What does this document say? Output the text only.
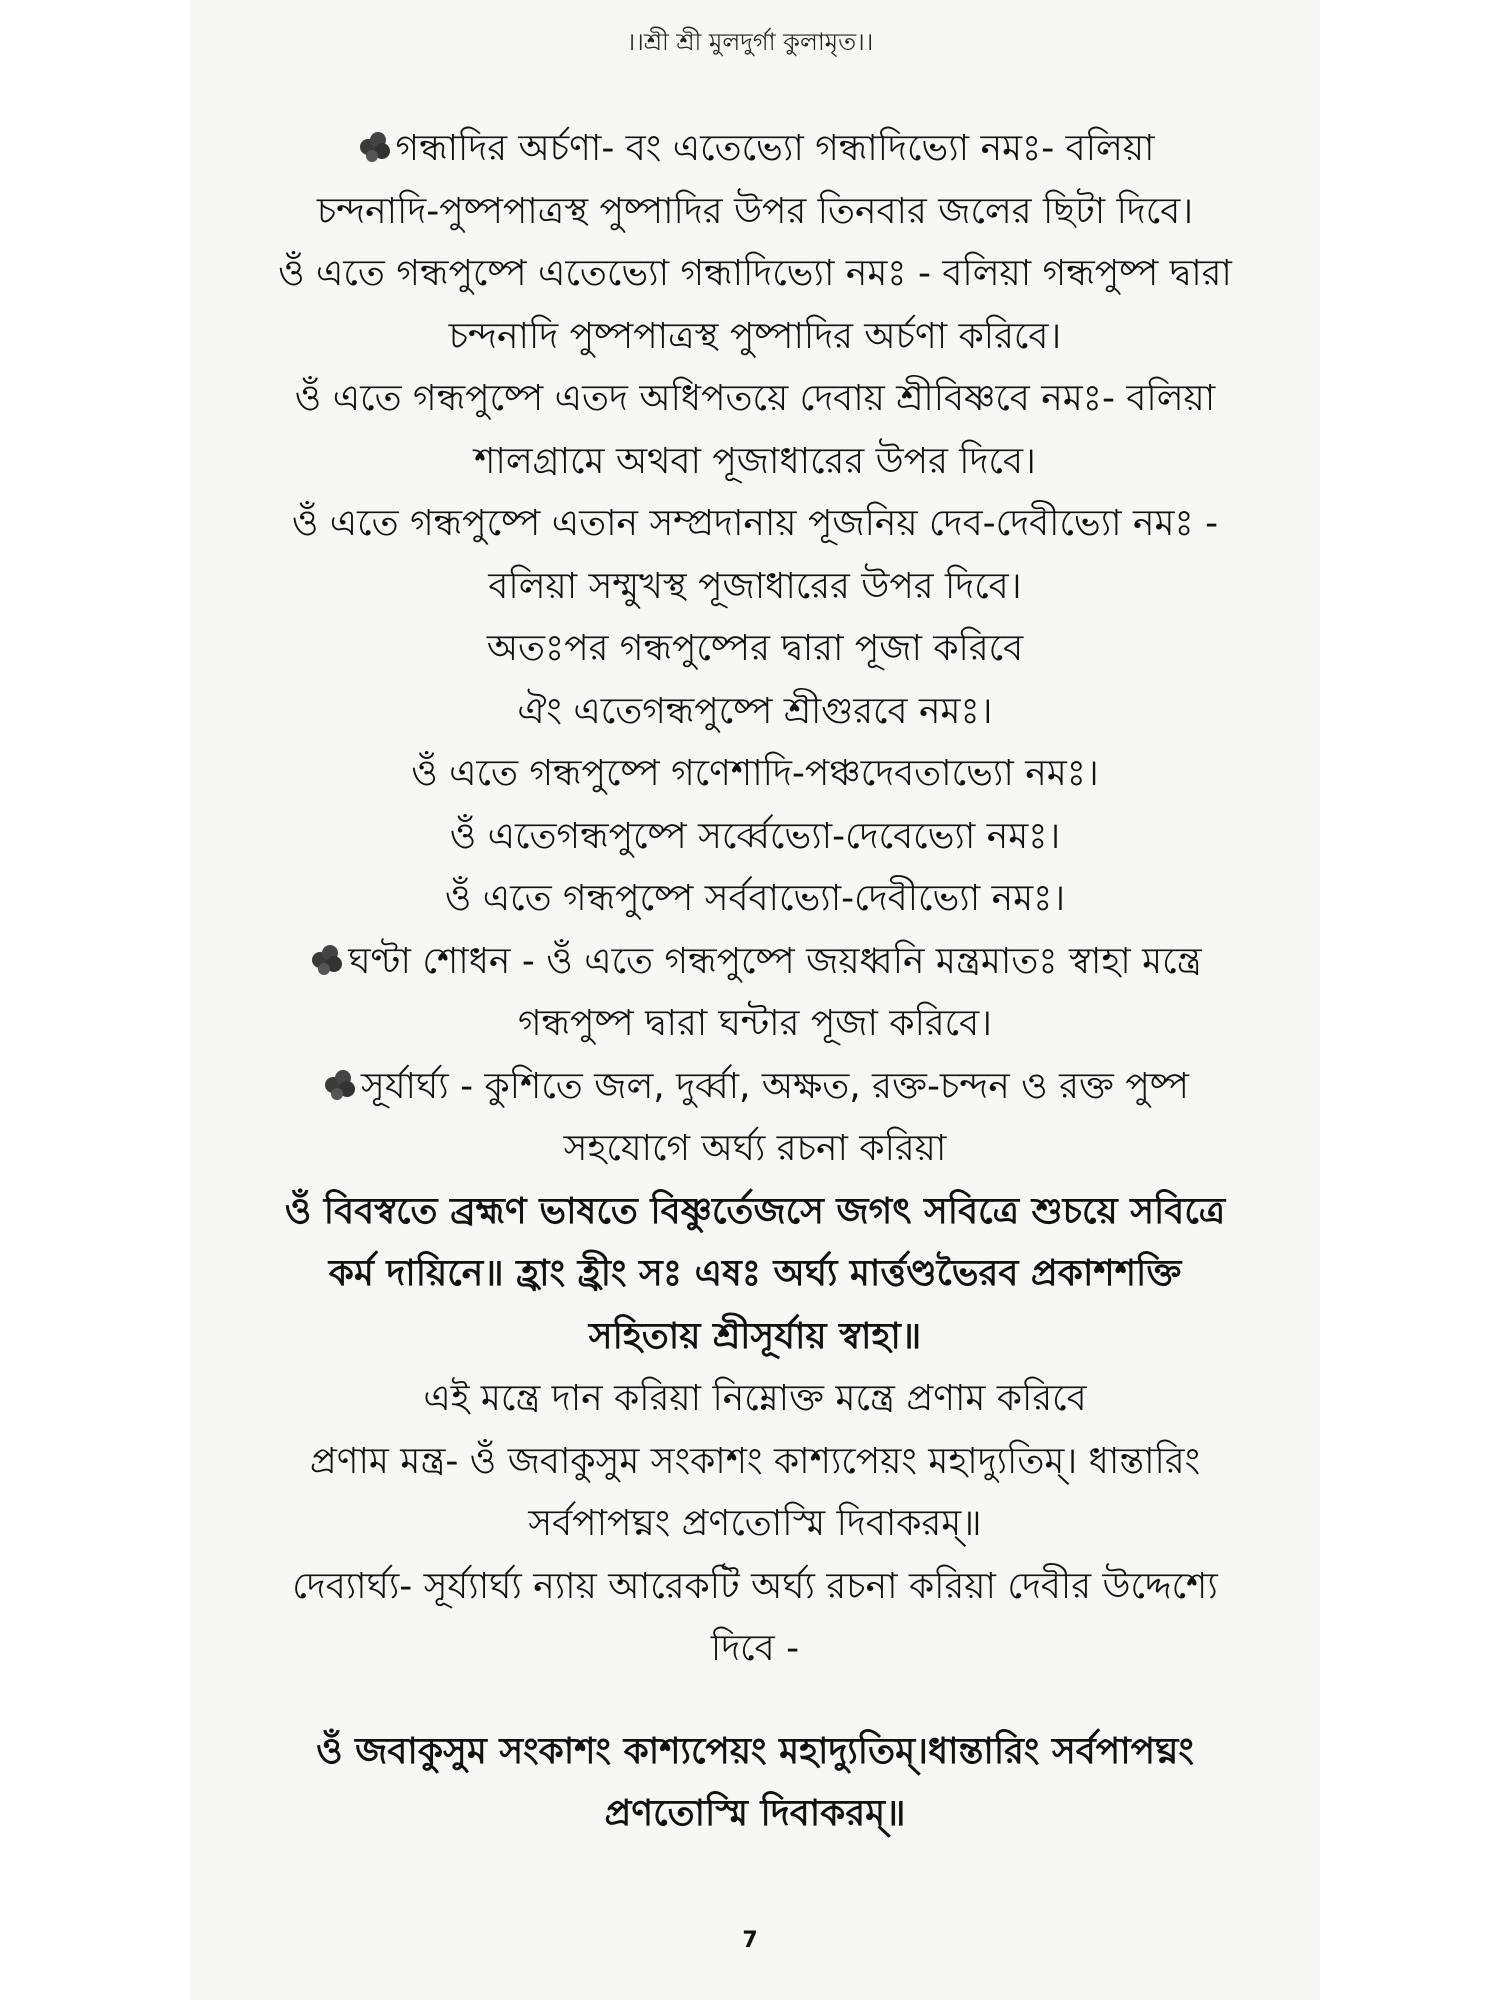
।।শ্রী শ্রী মুলদুর্গা কুলামৃত।।
গন্ধাদির অর্চণা- বং এতেভ্যো গন্ধাদিভ্যো নমঃ- বলিয়া
চন্দনাদি-পুষ্পপাত্রস্থ পুষ্পাদির উপর তিনবার জলের ছিটা দিবে।
ওঁ এতে গন্ধপুষ্পে এতেভ্যো গন্ধাদিভ্যো নমঃ - বলিয়া গন্ধপুষ্প দ্বারা
চন্দনাদি পুষ্পপাত্রস্থ পুষ্পাদির অর্চণা করিবে।
ওঁ এতে গন্ধপুষ্পে এতদ অধিপতয়ে দেবায় শ্রীবিষ্ণবে নমঃ- বলিয়া
শালগ্রামে অথবা পূজাধারের উপর দিবে।
ওঁ এতে গন্ধপুষ্পে এতান সম্প্রদানায় পূজনিয় দেব-দেবীভ্যো নমঃ -
বলিয়া সম্মুখস্থ পূজাধারের উপর দিবে।
অতঃপর গন্ধপুষ্পের দ্বারা পূজা করিবে
ঐং এতেগন্ধপুষ্পে শ্রীগুরবে নমঃ।
ওঁ এতে গন্ধপুষ্পে গণেশাদি-পঞ্চদেবতাভ্যো নমঃ।
ওঁ এতেগন্ধপুষ্পে সর্ব্বেভ্যো-দেবেভ্যো নমঃ।
ওঁ এতে গন্ধপুষ্পে সর্ববাভ্যো-দেবীভ্যো নমঃ।
ঘণ্টা শোধন - ওঁ এতে গন্ধপুষ্পে জয়ধ্বনি মন্ত্রমাতঃ স্বাহা মন্ত্রে
গন্ধপুষ্প দ্বারা ঘন্টার পূজা করিবে।
সূর্যার্ঘ্য - কুশিতে জল, দুর্ব্বা, অক্ষত, রক্ত-চন্দন ও রক্ত পুষ্প
সহযোগে অর্ঘ্য রচনা করিয়া
ওঁ বিবস্বতে ব্রহ্মণ ভাষতে বিষ্ণুর্তেজসে জগৎ সবিত্রে শুচয়ে সবিত্রে
কর্ম দায়িনে॥ হ্রাং হ্রীং সঃ এষঃ অর্ঘ্য মার্ত্তণ্ডভৈরব প্রকাশশক্তি
সহিতায় শ্রীসূর্যায় স্বাহা॥
এই মন্ত্রে দান করিয়া নিম্নোক্ত মন্ত্রে প্রণাম করিবে
প্রণাম মন্ত্র- ওঁ জবাকুসুম সংকাশং কাশ্যপেয়ং মহাদ্যুতিম্। ধান্তারিং
সর্বপাপঘ্নং প্রণতোস্মি দিবাকরম্॥
দেব্যার্ঘ্য- সূর্য্যার্ঘ্য ন্যায় আরেকটি অর্ঘ্য রচনা করিয়া দেবীর উদ্দেশ্যে
দিবে -
ওঁ জবাকুসুম সংকাশং কাশ্যপেয়ং মহাদ্যুতিম্।ধান্তারিং সর্বপাপঘ্নং
প্রণতোস্মি দিবাকরম্॥
7
